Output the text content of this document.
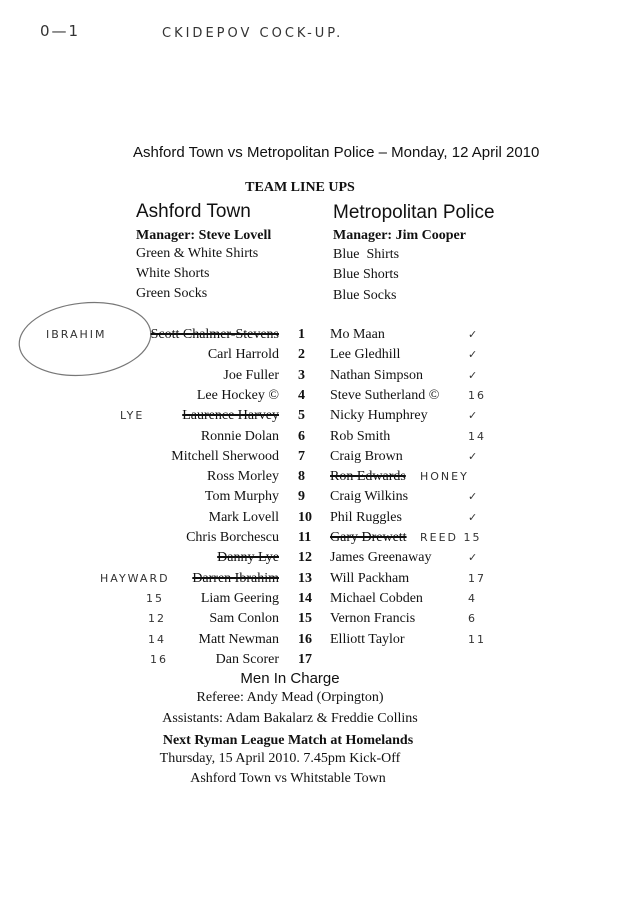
0—1	CKIDEPOV COCK-UP.
Ashford Town vs Metropolitan Police – Monday, 12 April 2010
TEAM LINE UPS
Ashford Town	Metropolitan Police
Manager: Steve Lovell	Manager: Jim Cooper
Green & White Shirts
White Shorts
Green Socks
Blue  Shirts
Blue Shorts
Blue Socks
IBRAHIM	Scott Chalmer-Stevens 1 Mo Maan	✓
Carl Harrold 2 Lee Gledhill	✓
Joe Fuller 3 Nathan Simpson	✓
Lee Hockey © 4 Steve Sutherland ©	16
LYE	Laurence Harvey 5 Nicky Humphrey	✓
Ronnie Dolan 6 Rob Smith	14
Mitchell Sherwood 7 Craig Brown	✓
Ross Morley 8 Ron Edwards HONEY
Tom Murphy 9 Craig Wilkins	✓
Mark Lovell 10 Phil Ruggles	✓
Chris Borchescu 11 Gary Drewett REED 15
Danny Lye 12 James Greenaway	✓
HAYWARD Darren Ibrahim 13 Will Packham	17
15	Liam Geering 14 Michael Cobden	4
12	Sam Conlon 15 Vernon Francis	6
14 Matt Newman 16 Elliott Taylor	11
16	Dan Scorer 17
Men In Charge
Referee: Andy Mead (Orpington)
Assistants: Adam Bakalarz & Freddie Collins
Next Ryman League Match at Homelands
Thursday, 15 April 2010. 7.45pm Kick-Off
Ashford Town vs Whitstable Town
